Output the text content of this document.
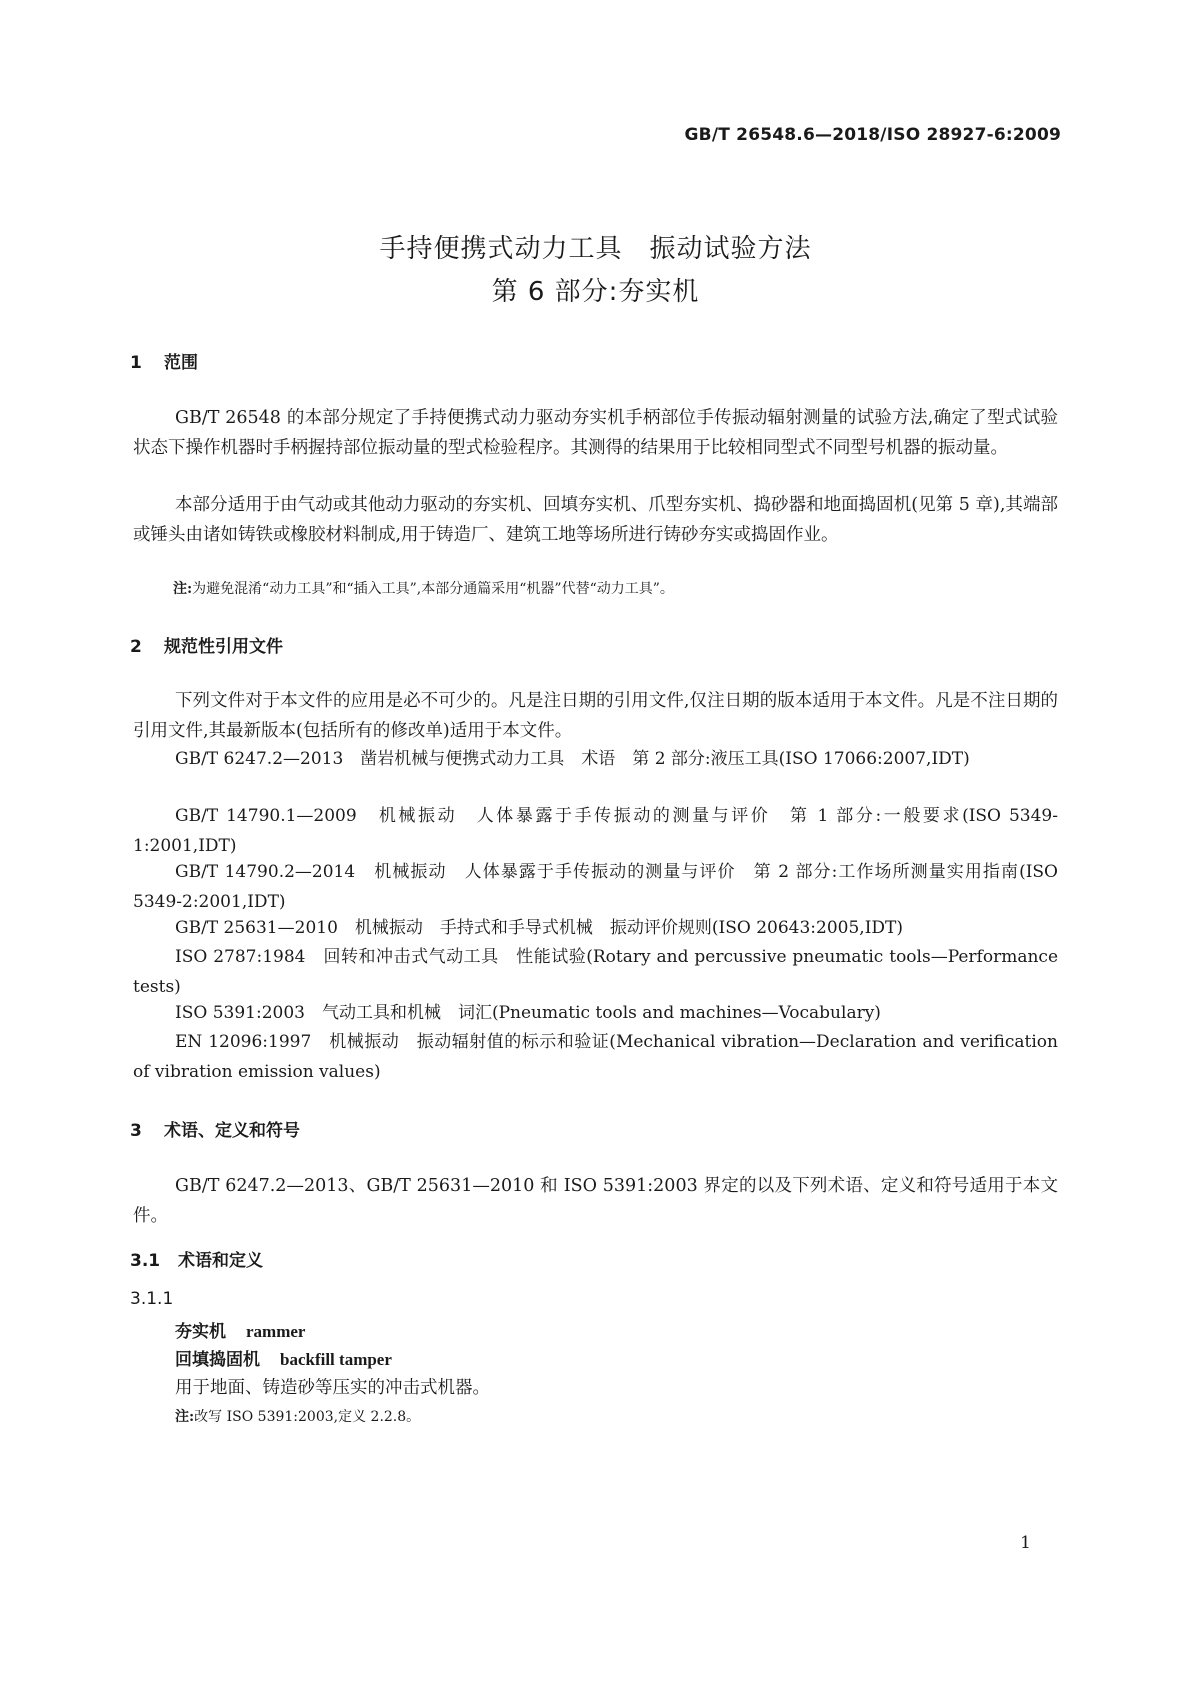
GB/T 26548.6—2018/ISO 28927-6:2009
手持便携式动力工具　振动试验方法
第 6 部分:夯实机
1 范围
GB/T 26548 的本部分规定了手持便携式动力驱动夯实机手柄部位手传振动辐射测量的试验方法,确定了型式试验状态下操作机器时手柄握持部位振动量的型式检验程序。其测得的结果用于比较相同型式不同型号机器的振动量。
本部分适用于由气动或其他动力驱动的夯实机、回填夯实机、爪型夯实机、捣砂器和地面捣固机(见第 5 章),其端部或锤头由诸如铸铁或橡胶材料制成,用于铸造厂、建筑工地等场所进行铸砂夯实或捣固作业。
注:为避免混淆“动力工具”和“插入工具”,本部分通篇采用“机器”代替“动力工具”。
2 规范性引用文件
下列文件对于本文件的应用是必不可少的。凡是注日期的引用文件,仅注日期的版本适用于本文件。凡是不注日期的引用文件,其最新版本(包括所有的修改单)适用于本文件。
GB/T 6247.2—2013　凿岩机械与便携式动力工具　术语　第 2 部分:液压工具(ISO 17066:2007,IDT)
GB/T 14790.1—2009　机械振动　人体暴露于手传振动的测量与评价　第 1 部分:一般要求(ISO 5349-1:2001,IDT)
GB/T 14790.2—2014　机械振动　人体暴露于手传振动的测量与评价　第 2 部分:工作场所测量实用指南(ISO 5349-2:2001,IDT)
GB/T 25631—2010　机械振动　手持式和手导式机械　振动评价规则(ISO 20643:2005,IDT)
ISO 2787:1984　回转和冲击式气动工具　性能试验(Rotary and percussive pneumatic tools—Performance tests)
ISO 5391:2003　气动工具和机械　词汇(Pneumatic tools and machines—Vocabulary)
EN 12096:1997　机械振动　振动辐射值的标示和验证(Mechanical vibration—Declaration and verification of vibration emission values)
3 术语、定义和符号
GB/T 6247.2—2013、GB/T 25631—2010 和 ISO 5391:2003 界定的以及下列术语、定义和符号适用于本文件。
3.1 术语和定义
3.1.1
夯实机 rammer
回填捣固机 backfill tamper
用于地面、铸造砂等压实的冲击式机器。
注:改写 ISO 5391:2003,定义 2.2.8。
1
